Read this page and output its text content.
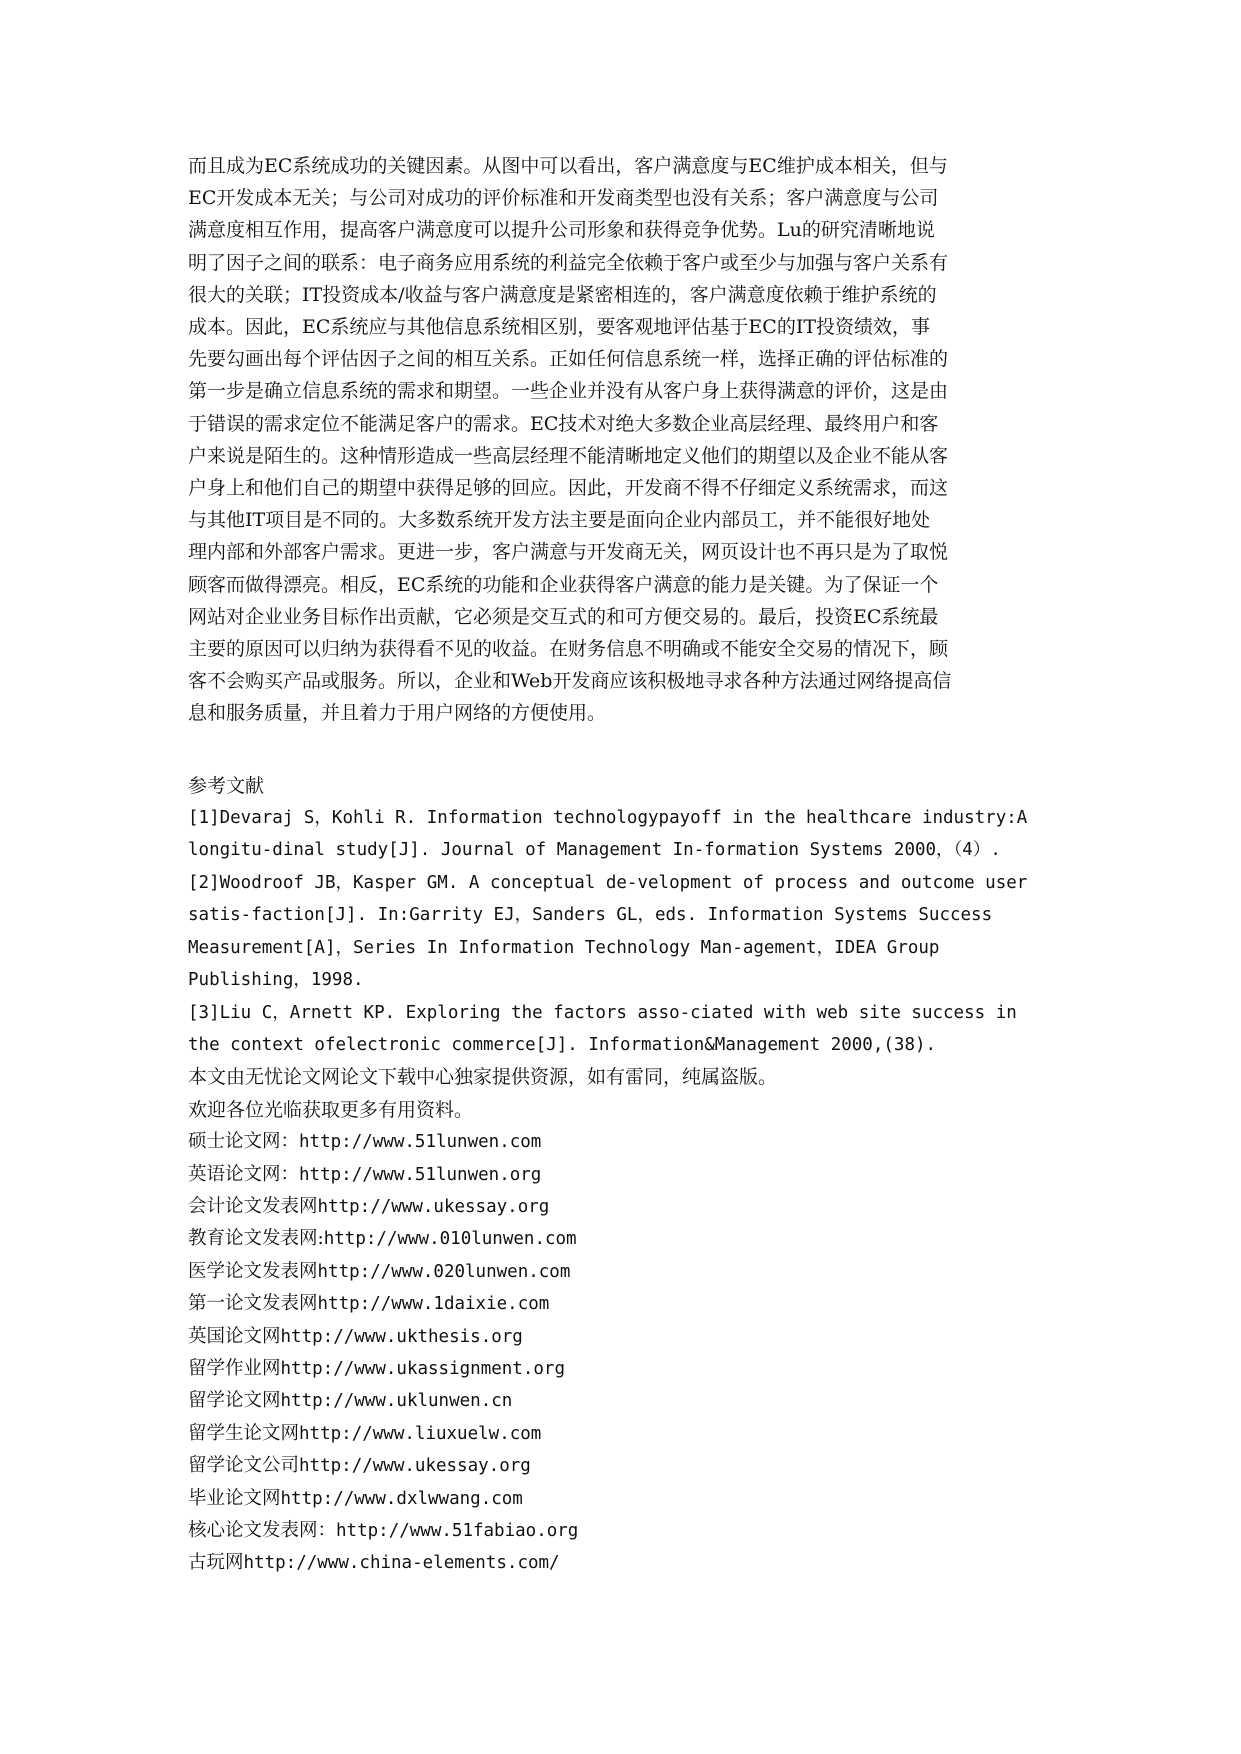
而且成为EC系统成功的关键因素。从图中可以看出，客户满意度与EC维护成本相关，但与
EC开发成本无关；与公司对成功的评价标准和开发商类型也没有关系；客户满意度与公司
满意度相互作用，提高客户满意度可以提升公司形象和获得竞争优势。Lu的研究清晰地说
明了因子之间的联系：电子商务应用系统的利益完全依赖于客户或至少与加强与客户关系有
很大的关联；IT投资成本/收益与客户满意度是紧密相连的，客户满意度依赖于维护系统的
成本。因此，EC系统应与其他信息系统相区别，要客观地评估基于EC的IT投资绩效，事
先要勾画出每个评估因子之间的相互关系。正如任何信息系统一样，选择正确的评估标准的
第一步是确立信息系统的需求和期望。一些企业并没有从客户身上获得满意的评价，这是由
于错误的需求定位不能满足客户的需求。EC技术对绝大多数企业高层经理、最终用户和客
户来说是陌生的。这种情形造成一些高层经理不能清晰地定义他们的期望以及企业不能从客
户身上和他们自己的期望中获得足够的回应。因此，开发商不得不仔细定义系统需求，而这
与其他IT项目是不同的。大多数系统开发方法主要是面向企业内部员工，并不能很好地处
理内部和外部客户需求。更进一步，客户满意与开发商无关，网页设计也不再只是为了取悦
顾客而做得漂亮。相反，EC系统的功能和企业获得客户满意的能力是关键。为了保证一个
网站对企业业务目标作出贡献，它必须是交互式的和可方便交易的。最后，投资EC系统最
主要的原因可以归纳为获得看不见的收益。在财务信息不明确或不能安全交易的情况下，顾
客不会购买产品或服务。所以，企业和Web开发商应该积极地寻求各种方法通过网络提高信
息和服务质量，并且着力于用户网络的方便使用。
参考文献
[1]Devaraj S，Kohli R. Information technologypayoff in the healthcare industry:A
longitu-dinal study[J]. Journal of Management In-formation Systems 2000，（4）.
[2]Woodroof JB，Kasper GM. A conceptual de-velopment of process and outcome user
satis-faction[J]. In:Garrity EJ，Sanders GL，eds. Information Systems Success
Measurement[A]，Series In Information Technology Man-agement，IDEA Group
Publishing，1998.
[3]Liu C，Arnett KP. Exploring the factors asso-ciated with web site success in
the context ofelectronic commerce[J]. Information&Management 2000,(38).
本文由无忧论文网论文下载中心独家提供资源，如有雷同，纯属盗版。
欢迎各位光临获取更多有用资料。
硕士论文网：http://www.51lunwen.com
英语论文网：http://www.51lunwen.org
会计论文发表网http://www.ukessay.org
教育论文发表网:http://www.010lunwen.com
医学论文发表网http://www.020lunwen.com
第一论文发表网http://www.1daixie.com
英国论文网http://www.ukthesis.org
留学作业网http://www.ukassignment.org
留学论文网http://www.uklunwen.cn
留学生论文网http://www.liuxuelw.com
留学论文公司http://www.ukessay.org
毕业论文网http://www.dxlwwang.com
核心论文发表网：http://www.51fabiao.org
古玩网http://www.china-elements.com/
